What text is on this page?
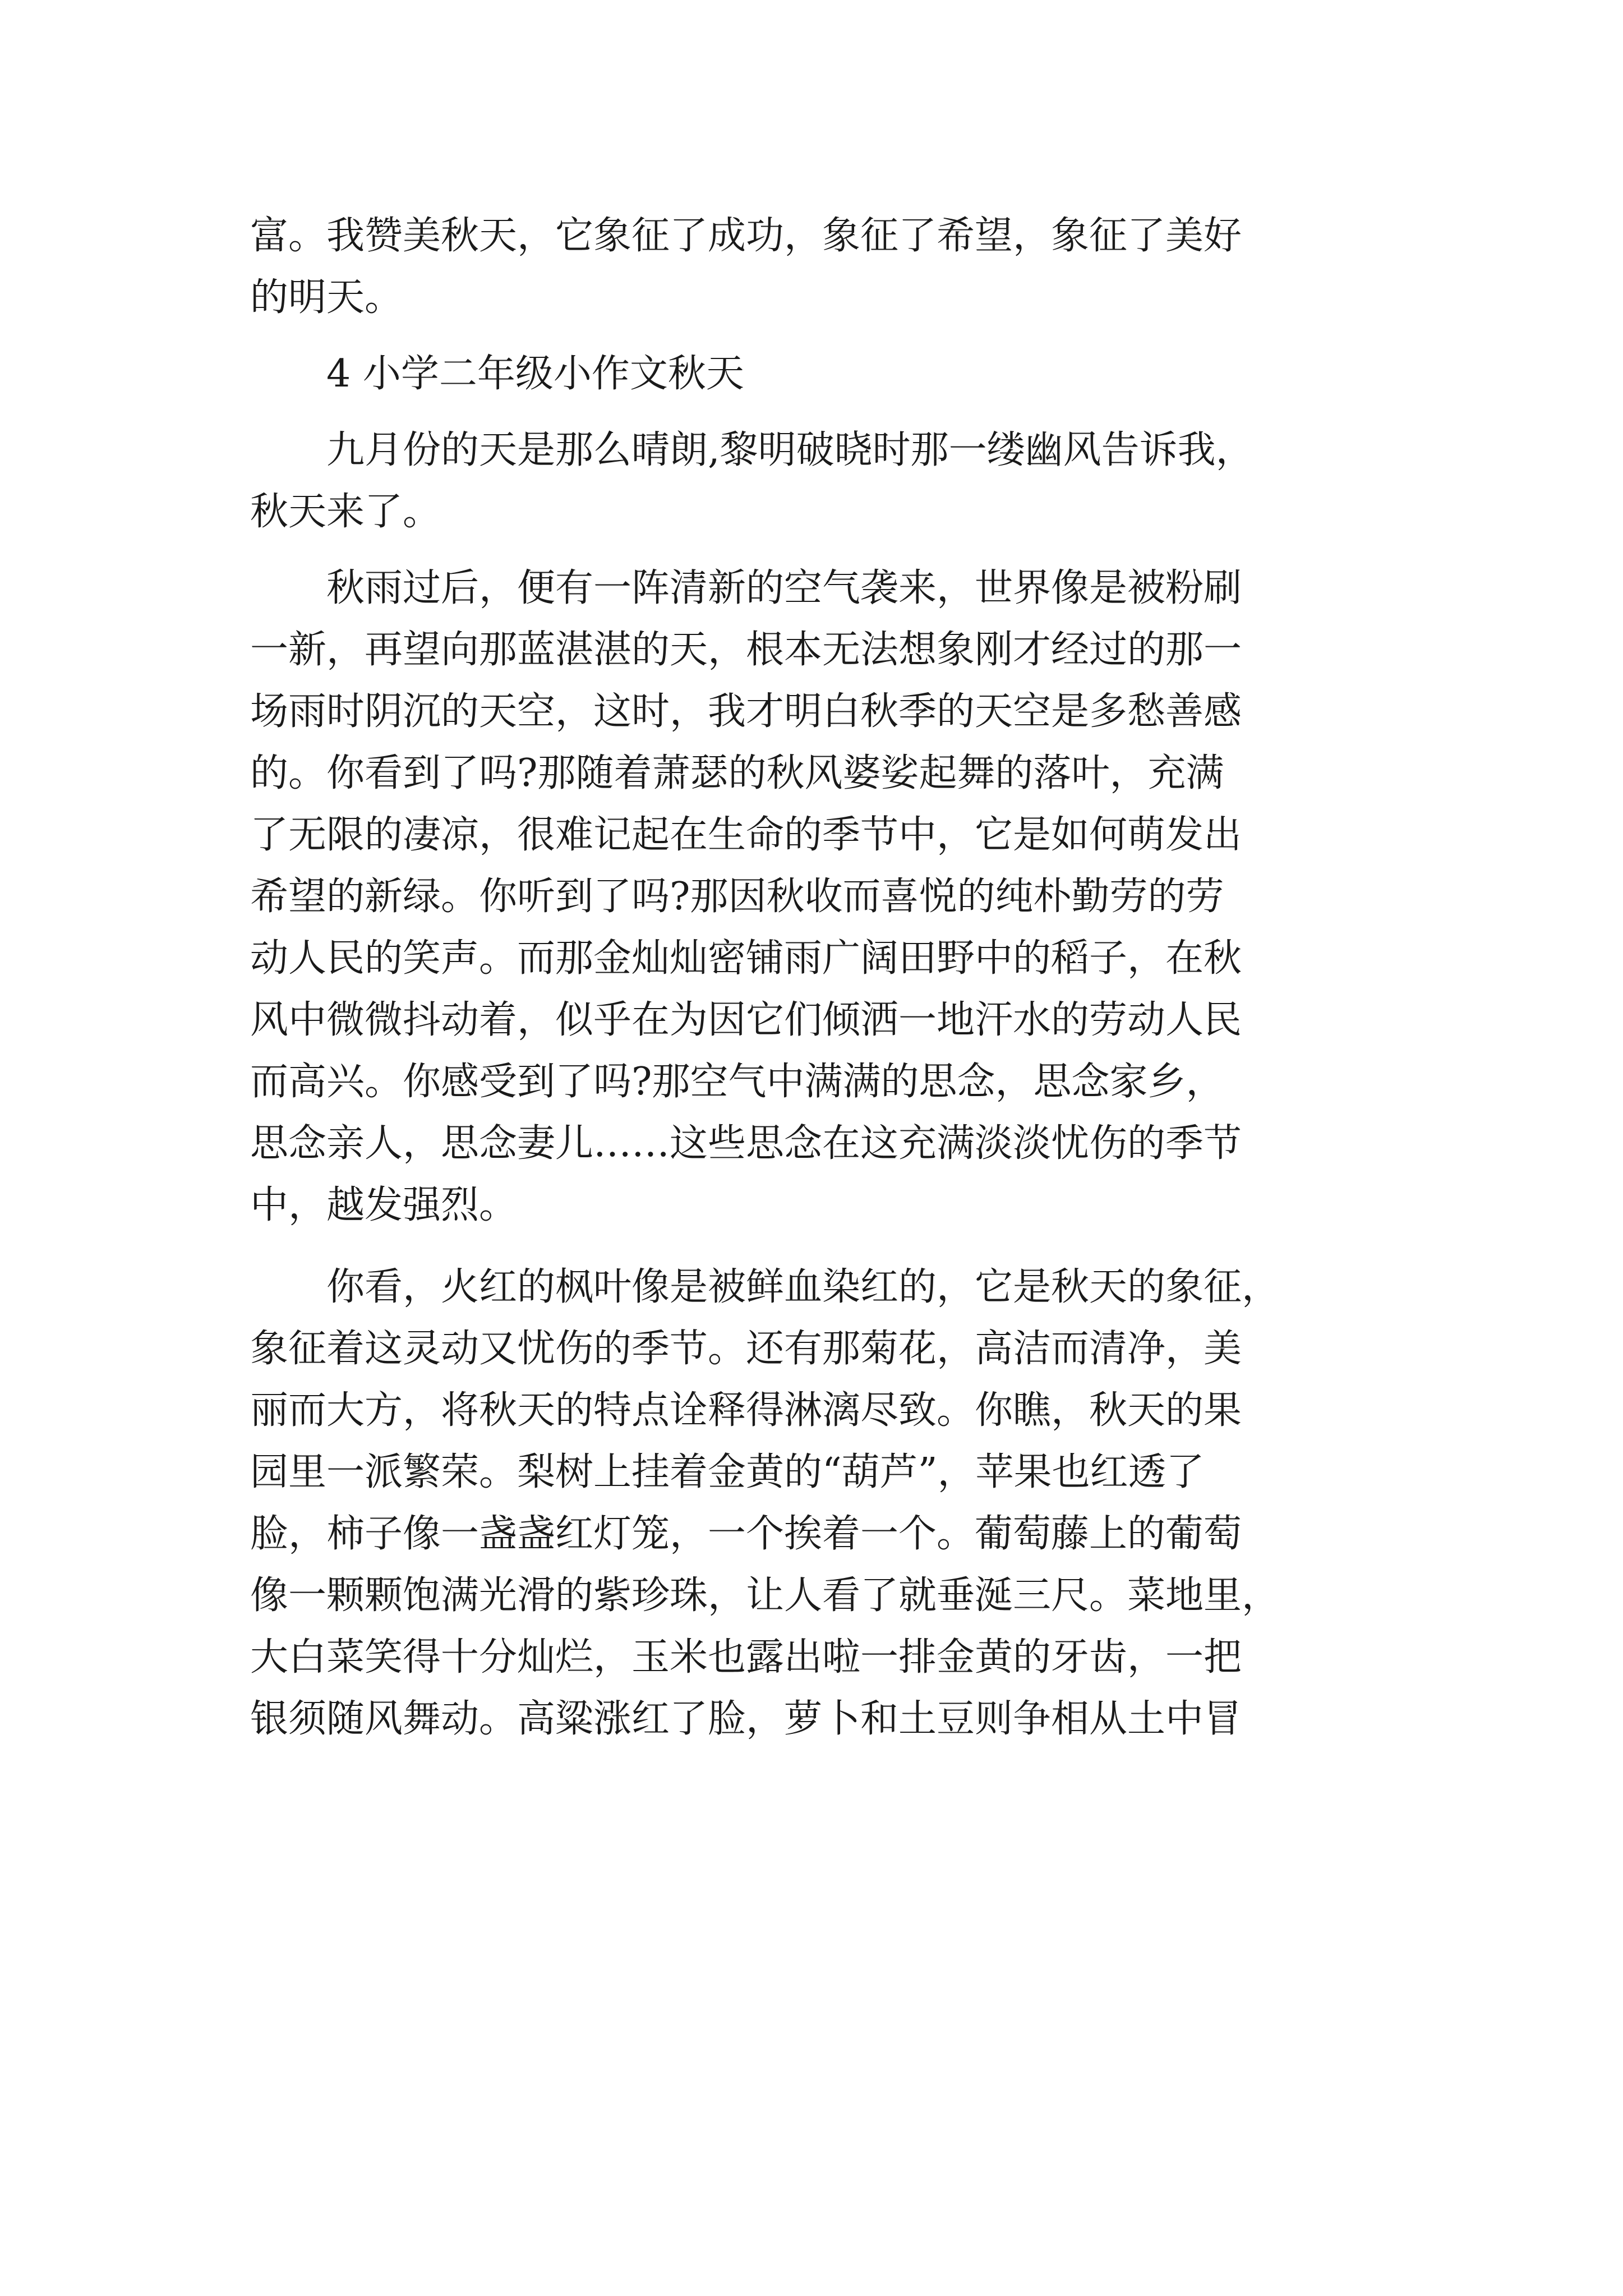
富。我赞美秋天，它象征了成功，象征了希望，象征了美好
的明天。
4 小学二年级小作文秋天
九月份的天是那么晴朗,黎明破晓时那一缕幽风告诉我，
秋天来了。
秋雨过后，便有一阵清新的空气袭来，世界像是被粉刷
一新，再望向那蓝湛湛的天，根本无法想象刚才经过的那一
场雨时阴沉的天空，这时，我才明白秋季的天空是多愁善感
的。你看到了吗?那随着萧瑟的秋风婆娑起舞的落叶，充满
了无限的凄凉，很难记起在生命的季节中，它是如何萌发出
希望的新绿。你听到了吗?那因秋收而喜悦的纯朴勤劳的劳
动人民的笑声。而那金灿灿密铺雨广阔田野中的稻子，在秋
风中微微抖动着，似乎在为因它们倾洒一地汗水的劳动人民
而高兴。你感受到了吗?那空气中满满的思念，思念家乡，
思念亲人，思念妻儿……这些思念在这充满淡淡忧伤的季节
中，越发强烈。
你看，火红的枫叶像是被鲜血染红的，它是秋天的象征，
象征着这灵动又忧伤的季节。还有那菊花，高洁而清净，美
丽而大方，将秋天的特点诠释得淋漓尽致。你瞧，秋天的果
园里一派繁荣。梨树上挂着金黄的“葫芦”，苹果也红透了
脸，柿子像一盏盏红灯笼，一个挨着一个。葡萄藤上的葡萄
像一颗颗饱满光滑的紫珍珠，让人看了就垂涎三尺。菜地里，
大白菜笑得十分灿烂，玉米也露出啦一排金黄的牙齿，一把
银须随风舞动。高粱涨红了脸，萝卜和土豆则争相从土中冒
